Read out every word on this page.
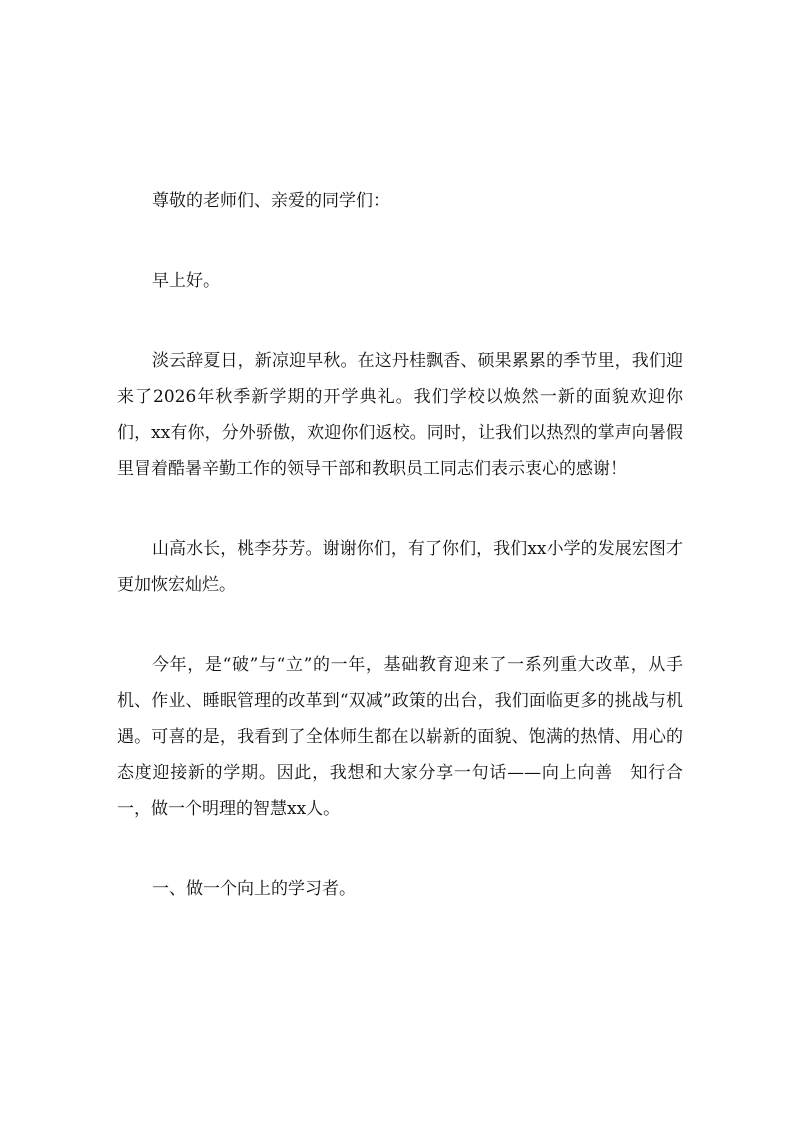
尊敬的老师们、亲爱的同学们：

早上好。

淡云辞夏日，新凉迎早秋。在这丹桂飘香、硕果累累的季节里，我们迎来了2026年秋季新学期的开学典礼。我们学校以焕然一新的面貌欢迎你们，xx有你，分外骄傲，欢迎你们返校。同时，让我们以热烈的掌声向暑假里冒着酷暑辛勤工作的领导干部和教职员工同志们表示衷心的感谢！

山高水长，桃李芬芳。谢谢你们，有了你们，我们xx小学的发展宏图才更加恢宏灿烂。

今年，是“破”与“立”的一年，基础教育迎来了一系列重大改革，从手机、作业、睡眠管理的改革到“双减”政策的出台，我们面临更多的挑战与机遇。可喜的是，我看到了全体师生都在以崭新的面貌、饱满的热情、用心的态度迎接新的学期。因此，我想和大家分享一句话——向上向善　知行合一，做一个明理的智慧xx人。

一、做一个向上的学习者。
